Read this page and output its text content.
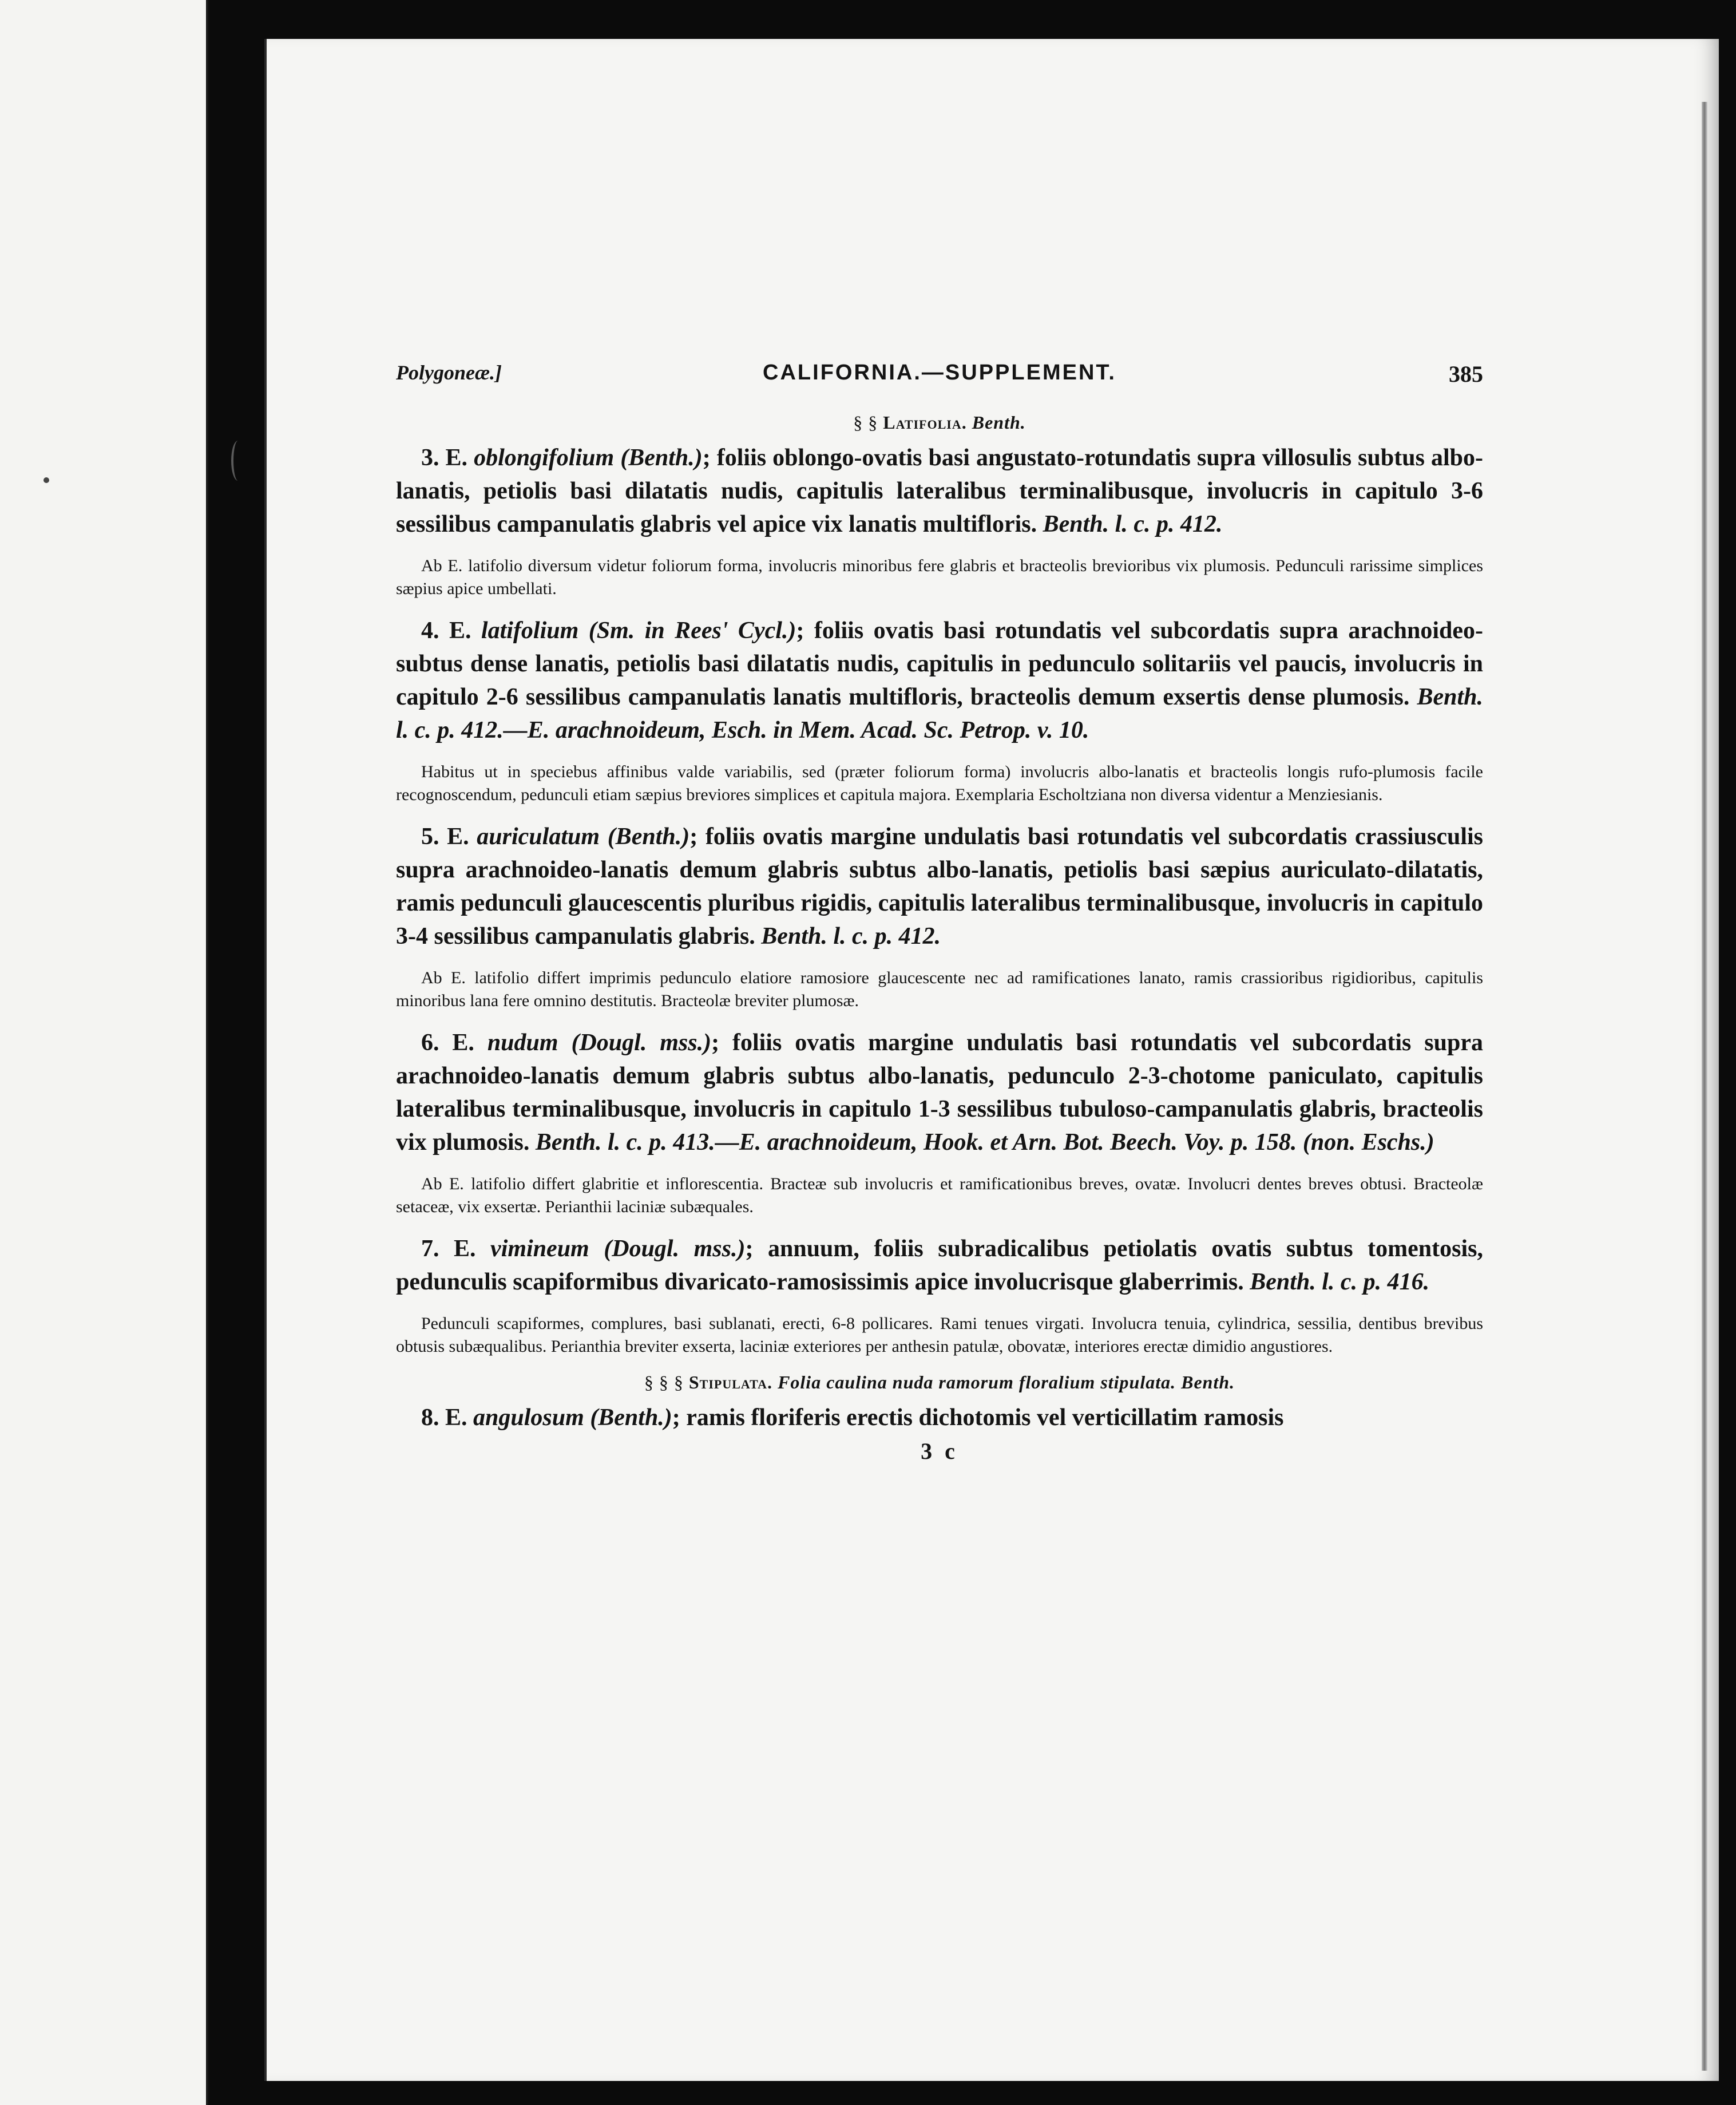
Polygoneæ.]	CALIFORNIA.—SUPPLEMENT.	385
§ § Latifolia. Benth.

3. E. oblongifolium (Benth.); foliis oblongo-ovatis basi angustato-rotundatis supra villosulis subtus albo-lanatis, petiolis basi dilatatis nudis, capitulis lateralibus terminalibusque, involucris in capitulo 3-6 sessilibus campanulatis glabris vel apice vix lanatis multifloris. Benth. l. c. p. 412.

Ab E. latifolio diversum videtur foliorum forma, involucris minoribus fere glabris et bracteolis brevioribus vix plumosis. Pedunculi rarissime simplices sæpius apice umbellati.

4. E. latifolium (Sm. in Rees' Cycl.); foliis ovatis basi rotundatis vel subcordatis supra arachnoideo-subtus dense lanatis, petiolis basi dilatatis nudis, capitulis in pedunculo solitariis vel paucis, involucris in capitulo 2-6 sessilibus campanulatis lanatis multifloris, bracteolis demum exsertis dense plumosis. Benth. l. c. p. 412.—E. arachnoideum, Esch. in Mem. Acad. Sc. Petrop. v. 10.

Habitus ut in speciebus affinibus valde variabilis, sed (præter foliorum forma) involucris albo-lanatis et bracteolis longis rufo-plumosis facile recognoscendum, pedunculi etiam sæpius breviores simplices et capitula majora. Exemplaria Escholtziana non diversa videntur a Menziesianis.

5. E. auriculatum (Benth.); foliis ovatis margine undulatis basi rotundatis vel subcordatis crassiusculis supra arachnoideo-lanatis demum glabris subtus albo-lanatis, petiolis basi sæpius auriculato-dilatatis, ramis pedunculi glaucescentis pluribus rigidis, capitulis lateralibus terminalibusque, involucris in capitulo 3-4 sessilibus campanulatis glabris. Benth. l. c. p. 412.

Ab E. latifolio differt imprimis pedunculo elatiore ramosiore glaucescente nec ad ramificationes lanato, ramis crassioribus rigidioribus, capitulis minoribus lana fere omnino destitutis. Bracteolæ breviter plumosæ.

6. E. nudum (Dougl. mss.); foliis ovatis margine undulatis basi rotundatis vel subcordatis supra arachnoideo-lanatis demum glabris subtus albo-lanatis, pedunculo 2-3-chotome paniculato, capitulis lateralibus terminalibusque, involucris in capitulo 1-3 sessilibus tubuloso-campanulatis glabris, bracteolis vix plumosis. Benth. l. c. p. 413.—E. arachnoideum, Hook. et Arn. Bot. Beech. Voy. p. 158. (non. Eschs.)

Ab E. latifolio differt glabritie et inflorescentia. Bracteæ sub involucris et ramificationibus breves, ovatæ. Involucri dentes breves obtusi. Bracteolæ setaceæ, vix exsertæ. Perianthii laciniæ subæquales.

7. E. vimineum (Dougl. mss.); annuum, foliis subradicalibus petiolatis ovatis subtus tomentosis, pedunculis scapiformibus divaricato-ramosissimis apice involucrisque glaberrimis. Benth. l. c. p. 416.

Pedunculi scapiformes, complures, basi sublanati, erecti, 6-8 pollicares. Rami tenues virgati. Involucra tenuia, cylindrica, sessilia, dentibus brevibus obtusis subæqualibus. Perianthia breviter exserta, laciniæ exteriores per anthesin patulæ, obovatæ, interiores erectæ dimidio angustiores.

§ § § Stipulata. Folia caulina nuda ramorum floralium stipulata. Benth.

8. E. angulosum (Benth.); ramis floriferis erectis dichotomis vel verticillatim ramosis

3 c
